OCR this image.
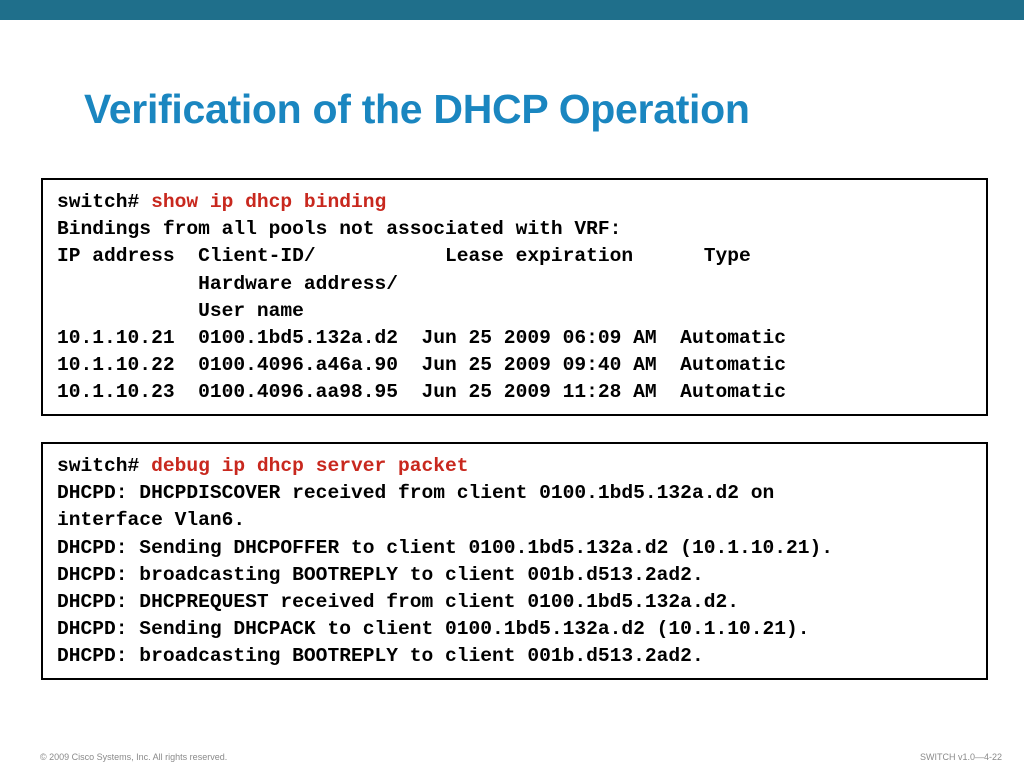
Verification of the DHCP Operation
switch# show ip dhcp binding
Bindings from all pools not associated with VRF:
IP address  Client-ID/           Lease expiration      Type
Hardware address/
User name
10.1.10.21  0100.1bd5.132a.d2  Jun 25 2009 06:09 AM  Automatic
10.1.10.22  0100.4096.a46a.90  Jun 25 2009 09:40 AM  Automatic
10.1.10.23  0100.4096.aa98.95  Jun 25 2009 11:28 AM  Automatic
switch# debug ip dhcp server packet
DHCPD: DHCPDISCOVER received from client 0100.1bd5.132a.d2 on
interface Vlan6.
DHCPD: Sending DHCPOFFER to client 0100.1bd5.132a.d2 (10.1.10.21).
DHCPD: broadcasting BOOTREPLY to client 001b.d513.2ad2.
DHCPD: DHCPREQUEST received from client 0100.1bd5.132a.d2.
DHCPD: Sending DHCPACK to client 0100.1bd5.132a.d2 (10.1.10.21).
DHCPD: broadcasting BOOTREPLY to client 001b.d513.2ad2.
© 2009 Cisco Systems, Inc. All rights reserved.	SWITCH v1.0—4-22
